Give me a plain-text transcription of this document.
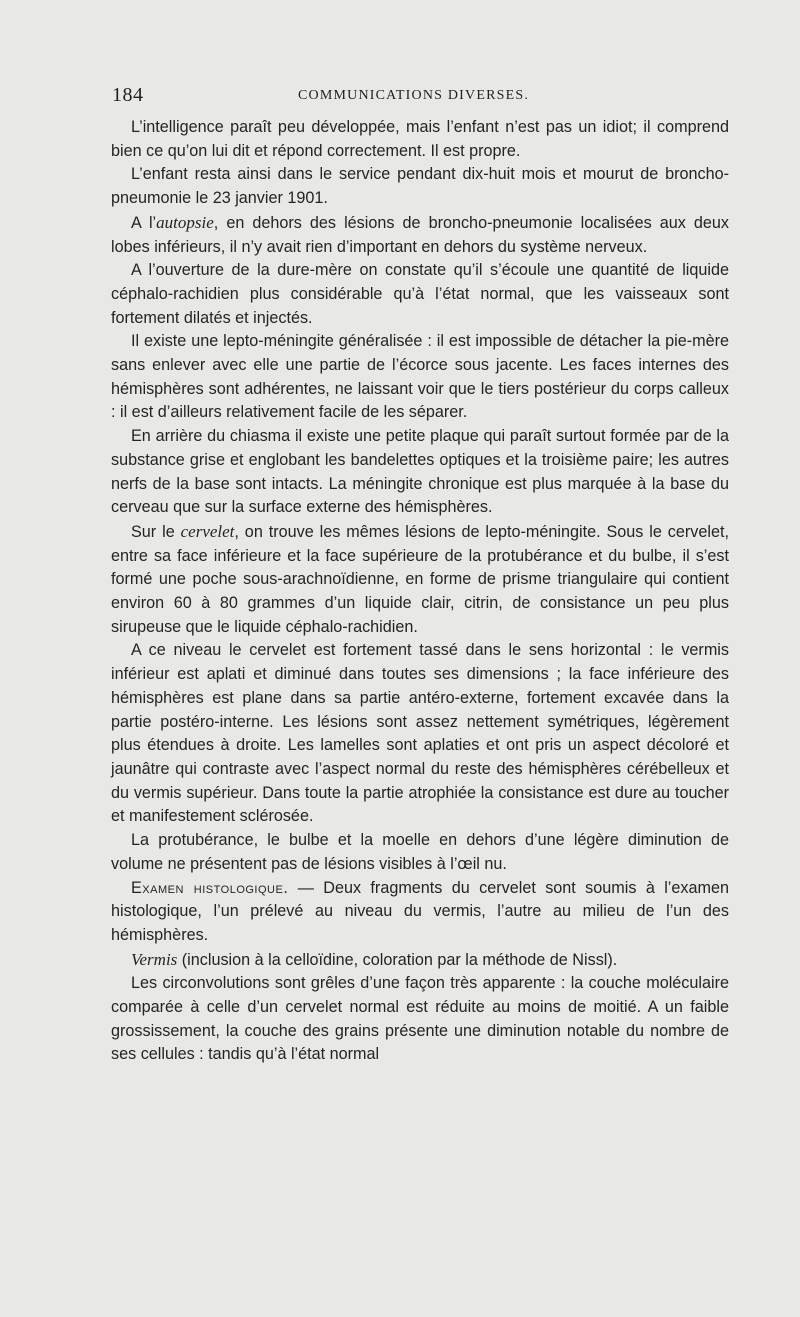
184	COMMUNICATIONS DIVERSES.

L’intelligence paraît peu développée, mais l’enfant n’est pas un idiot; il comprend bien ce qu’on lui dit et répond correctement. Il est propre.

L’enfant resta ainsi dans le service pendant dix-huit mois et mourut de broncho-pneumonie le 23 janvier 1901.

A l’autopsie, en dehors des lésions de broncho-pneumonie localisées aux deux lobes inférieurs, il n’y avait rien d’important en dehors du système nerveux.

A l’ouverture de la dure-mère on constate qu’il s’écoule une quantité de liquide céphalo-rachidien plus considérable qu’à l’état normal, que les vaisseaux sont fortement dilatés et injectés.

Il existe une lepto-méningite généralisée : il est impossible de détacher la pie-mère sans enlever avec elle une partie de l’écorce sous jacente. Les faces internes des hémisphères sont adhérentes, ne laissant voir que le tiers postérieur du corps calleux : il est d’ailleurs relativement facile de les séparer.

En arrière du chiasma il existe une petite plaque qui paraît surtout formée par de la substance grise et englobant les bandelettes optiques et la troisième paire; les autres nerfs de la base sont intacts. La méningite chronique est plus marquée à la base du cerveau que sur la surface externe des hémisphères.

Sur le cervelet, on trouve les mêmes lésions de lepto-méningite. Sous le cervelet, entre sa face inférieure et la face supérieure de la protubérance et du bulbe, il s’est formé une poche sous-arachnoïdienne, en forme de prisme triangulaire qui contient environ 60 à 80 grammes d’un liquide clair, citrin, de consistance un peu plus sirupeuse que le liquide céphalo-rachidien.

A ce niveau le cervelet est fortement tassé dans le sens horizontal : le vermis inférieur est aplati et diminué dans toutes ses dimensions ; la face inférieure des hémisphères est plane dans sa partie antéro-externe, fortement excavée dans la partie postéro-interne. Les lésions sont assez nettement symétriques, légèrement plus étendues à droite. Les lamelles sont aplaties et ont pris un aspect décoloré et jaunâtre qui contraste avec l’aspect normal du reste des hémisphères cérébelleux et du vermis supérieur. Dans toute la partie atrophiée la consistance est dure au toucher et manifestement sclérosée.

La protubérance, le bulbe et la moelle en dehors d’une légère diminution de volume ne présentent pas de lésions visibles à l’œil nu.

Examen histologique. — Deux fragments du cervelet sont soumis à l’examen histologique, l’un prélevé au niveau du vermis, l’autre au milieu de l’un des hémisphères.

Vermis (inclusion à la celloïdine, coloration par la méthode de Nissl).

Les circonvolutions sont grêles d’une façon très apparente : la couche moléculaire comparée à celle d’un cervelet normal est réduite au moins de moitié. A un faible grossissement, la couche des grains présente une diminution notable du nombre de ses cellules : tandis qu’à l’état normal
